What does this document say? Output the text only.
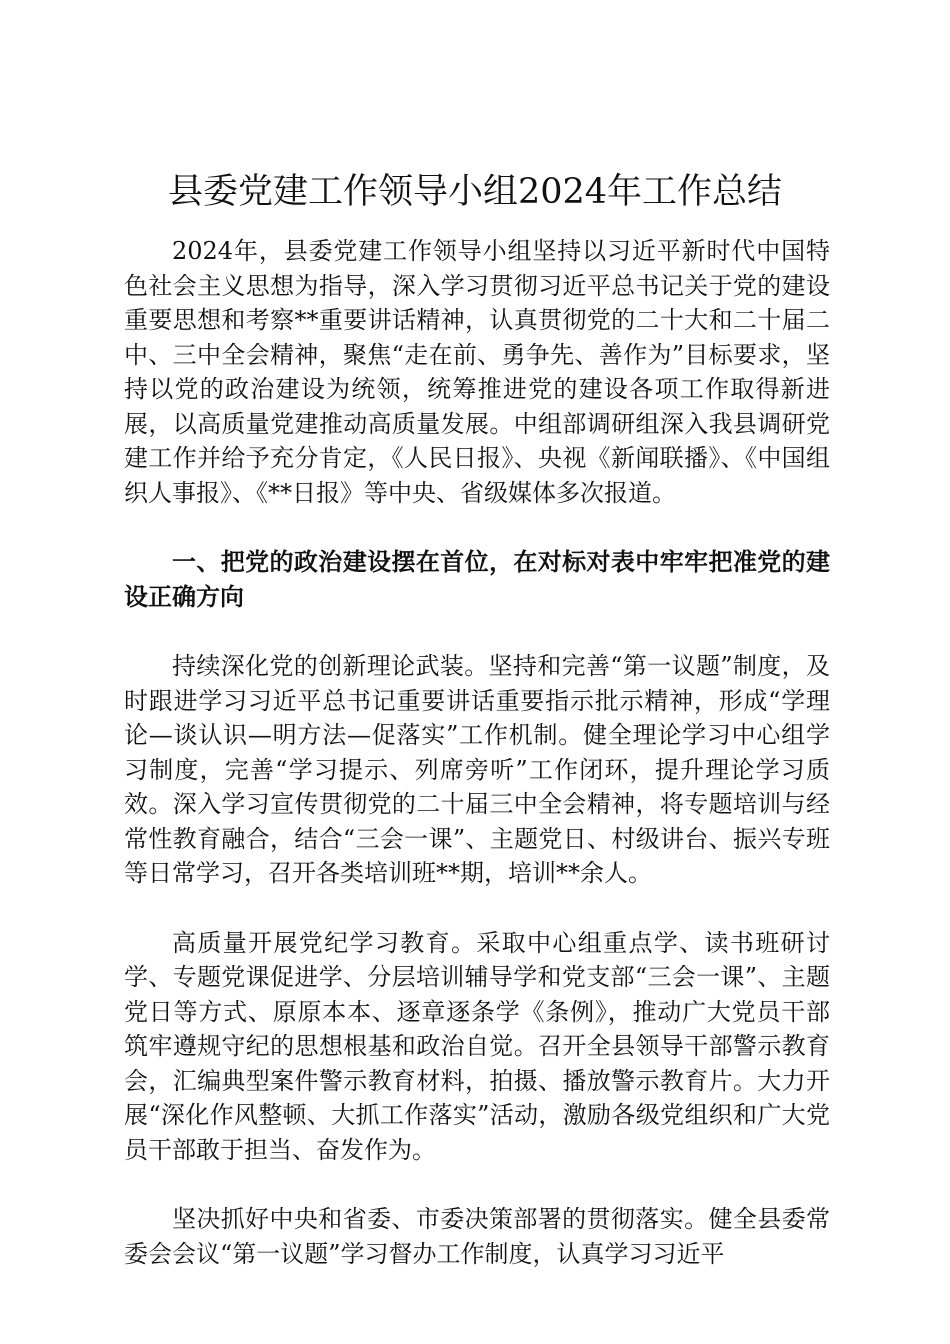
县委党建工作领导小组2024年工作总结

2024年，县委党建工作领导小组坚持以习近平新时代中国特色社会主义思想为指导，深入学习贯彻习近平总书记关于党的建设重要思想和考察**重要讲话精神，认真贯彻党的二十大和二十届二中、三中全会精神，聚焦“走在前、勇争先、善作为”目标要求，坚持以党的政治建设为统领，统筹推进党的建设各项工作取得新进展，以高质量党建推动高质量发展。中组部调研组深入我县调研党建工作并给予充分肯定，《人民日报》、央视《新闻联播》、《中国组织人事报》、《**日报》等中央、省级媒体多次报道。

一、把党的政治建设摆在首位，在对标对表中牢牢把准党的建设正确方向

持续深化党的创新理论武装。坚持和完善“第一议题”制度，及时跟进学习习近平总书记重要讲话重要指示批示精神，形成“学理论—谈认识—明方法—促落实”工作机制。健全理论学习中心组学习制度，完善“学习提示、列席旁听”工作闭环，提升理论学习质效。深入学习宣传贯彻党的二十届三中全会精神，将专题培训与经常性教育融合，结合“三会一课”、主题党日、村级讲台、振兴专班等日常学习，召开各类培训班**期，培训**余人。

高质量开展党纪学习教育。采取中心组重点学、读书班研讨学、专题党课促进学、分层培训辅导学和党支部“三会一课”、主题党日等方式、原原本本、逐章逐条学《条例》，推动广大党员干部筑牢遵规守纪的思想根基和政治自觉。召开全县领导干部警示教育会，汇编典型案件警示教育材料，拍摄、播放警示教育片。大力开展“深化作风整顿、大抓工作落实”活动，激励各级党组织和广大党员干部敢于担当、奋发作为。

坚决抓好中央和省委、市委决策部署的贯彻落实。健全县委常委会会议“第一议题”学习督办工作制度，认真学习习近平
